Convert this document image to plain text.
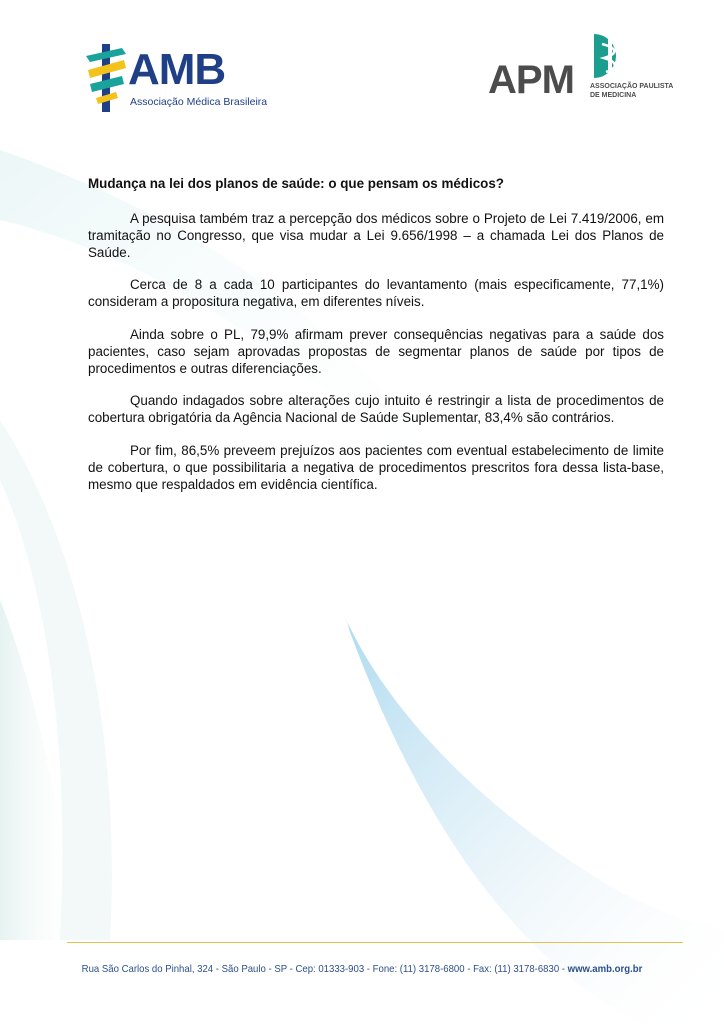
AMB
Associação Médica Brasileira	APM ASSOCIAÇÃO PAULISTA
DE MEDICINA
Mudança na lei dos planos de saúde: o que pensam os médicos?

A pesquisa também traz a percepção dos médicos sobre o Projeto de Lei 7.419/2006, em tramitação no Congresso, que visa mudar a Lei 9.656/1998 – a chamada Lei dos Planos de Saúde.

Cerca de 8 a cada 10 participantes do levantamento (mais especificamente, 77,1%) consideram a propositura negativa, em diferentes níveis.

Ainda sobre o PL, 79,9% afirmam prever consequências negativas para a saúde dos pacientes, caso sejam aprovadas propostas de segmentar planos de saúde por tipos de procedimentos e outras diferenciações.

Quando indagados sobre alterações cujo intuito é restringir a lista de procedimentos de cobertura obrigatória da Agência Nacional de Saúde Suplementar, 83,4% são contrários.

Por fim, 86,5% preveem prejuízos aos pacientes com eventual estabelecimento de limite de cobertura, o que possibilitaria a negativa de procedimentos prescritos fora dessa lista-base, mesmo que respaldados em evidência científica.

Rua São Carlos do Pinhal, 324 - São Paulo - SP - Cep: 01333-903 - Fone: (11) 3178-6800 - Fax: (11) 3178-6830 - www.amb.org.br
